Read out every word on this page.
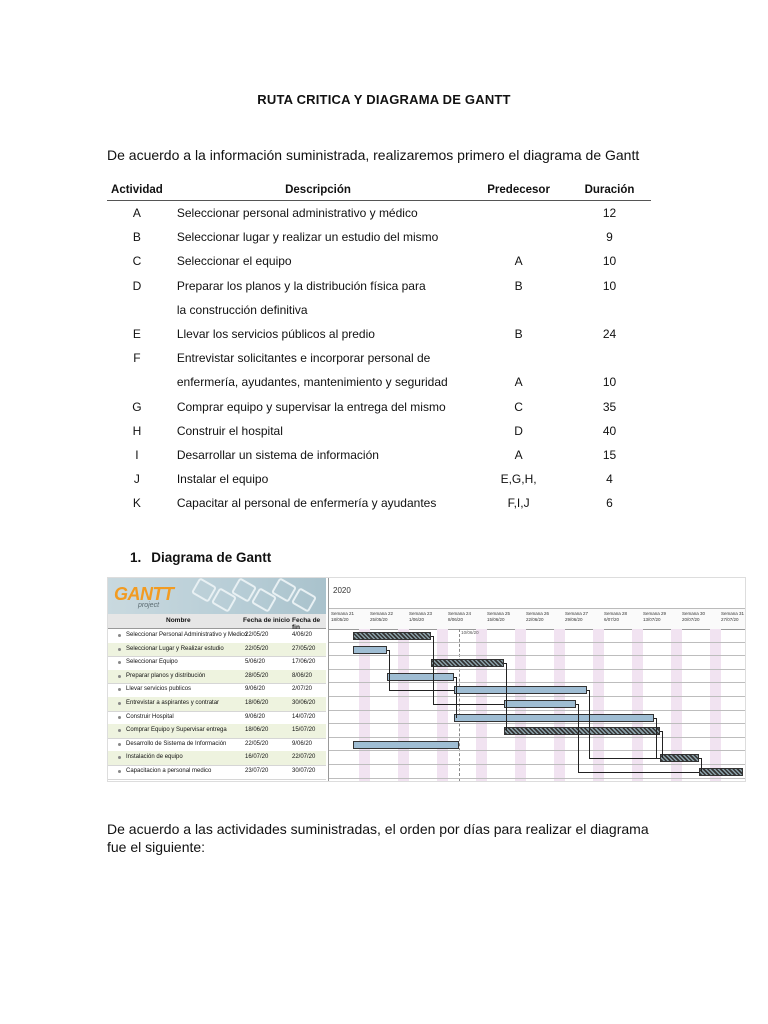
RUTA CRITICA Y DIAGRAMA DE GANTT
De acuerdo a la información suministrada, realizaremos primero el diagrama de Gantt
Actividad	Descripción	Predecesor	Duración
A	Seleccionar personal administrativo y médico		12
B	Seleccionar lugar y realizar un estudio del mismo		9
C	Seleccionar el equipo	A	10
D	Preparar los planos y la distribución física para	B	10
	la construcción definitiva		
E	Llevar los servicios públicos al predio	B	24
F	Entrevistar solicitantes e incorporar personal de		
	enfermería, ayudantes, mantenimiento y seguridad	A	10
G	Comprar equipo y supervisar la entrega del mismo	C	35
H	Construir el hospital	D	40
I	Desarrollar un sistema de información	A	15
J	Instalar el equipo	E,G,H,	4
K	Capacitar al personal de enfermería y ayudantes	F,I,J	6
1. Diagrama de Gantt
GANTT
project
Nombre	Fecha de inicio Fecha de fin
Seleccionar Personal Administrativo y Medico
22/05/20	4/06/20
Seleccionar Lugar y Realizar estudio	22/05/20	27/05/20
Seleccionar Equipo	5/06/20	17/06/20
Preparar planos y distribución	28/05/20	8/06/20
Llevar servicios publicos	9/06/20	2/07/20
Entrevistar a aspirantes y contratar	18/06/20	30/06/20
Construir Hospital	9/06/20	14/07/20
Comprar Equipo y Supervisar entrega	18/06/20	15/07/20
Desarrollo de Sistema de Información	22/05/20	9/06/20
Instalación de equipo	16/07/20	22/07/20
Capacitacion a personal medico	23/07/20	30/07/20
2020
Semana 21
18/05/20
Semana 22
25/05/20
Semana 23
1/06/20
Semana 24
8/06/20
Semana 25
15/06/20
Semana 26
22/06/20
Semana 27
29/06/20
Semana 28
6/07/20
Semana 29
13/07/20
Semana 30
20/07/20
Semana 31
27/07/20
10/06/20
De acuerdo a las actividades suministradas, el orden por días para realizar el diagrama
fue el siguiente:
